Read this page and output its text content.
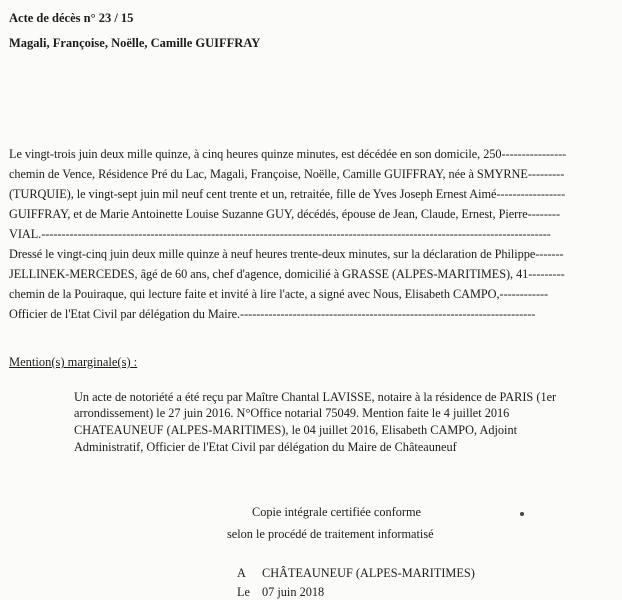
Acte de décès n° 23 / 15
Magali, Françoise, Noëlle, Camille GUIFFRAY
Le vingt-trois juin deux mille quinze, à cinq heures quinze minutes, est décédée en son domicile, 250----------------
chemin de Vence, Résidence Pré du Lac, Magali, Françoise, Noëlle, Camille GUIFFRAY, née à SMYRNE---------
(TURQUIE), le vingt-sept juin mil neuf cent trente et un, retraitée, fille de Yves Joseph Ernest Aimé-----------------
GUIFFRAY, et de Marie Antoinette Louise Suzanne GUY, décédés, épouse de Jean, Claude, Ernest, Pierre--------
VIAL.------------------------------------------------------------------------------------------------------------------------------
Dressé le vingt-cinq juin deux mille quinze à neuf heures trente-deux minutes, sur la déclaration de Philippe-------
JELLINEK-MERCEDES, âgé de 60 ans, chef d'agence, domicilié à GRASSE (ALPES-MARITIMES), 41---------
chemin de la Pouiraque, qui lecture faite et invité à lire l'acte, a signé avec Nous, Elisabeth CAMPO,------------
Officier de l'Etat Civil par délégation du Maire.-------------------------------------------------------------------------
Mention(s) marginale(s) :
Un acte de notoriété a été reçu par Maître Chantal LAVISSE, notaire à la résidence de PARIS (1er
arrondissement) le 27 juin 2016. N°Office notarial 75049. Mention faite le 4 juillet 2016
CHATEAUNEUF (ALPES-MARITIMES), le 04 juillet 2016, Elisabeth CAMPO, Adjoint
Administratif, Officier de l'Etat Civil par délégation du Maire de Châteauneuf
Copie intégrale certifiée conforme
selon le procédé de traitement informatisé
A CHÂTEAUNEUF (ALPES-MARITIMES)
Le 07 juin 2018
